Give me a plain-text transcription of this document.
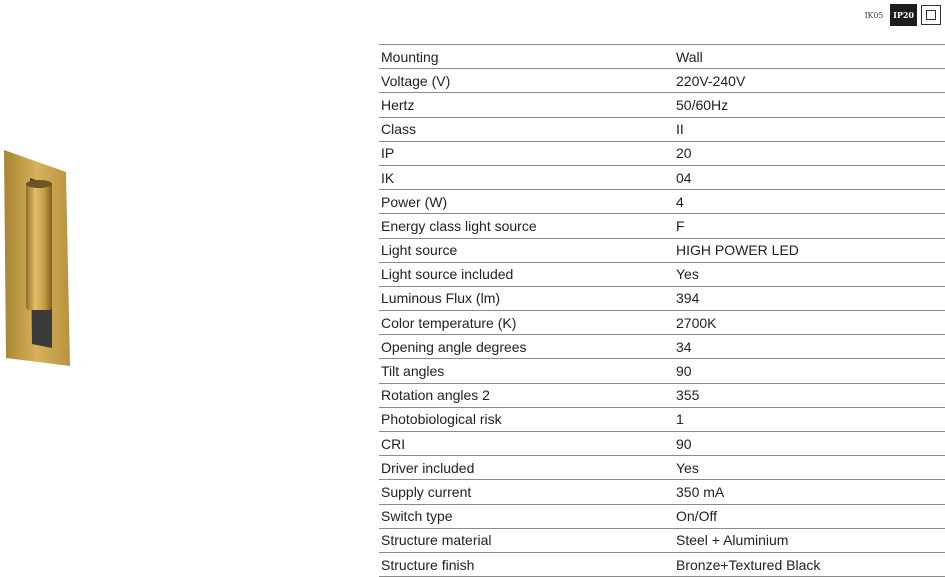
IK05	IP20
Mounting	Wall
Voltage (V)	220V-240V
Hertz	50/60Hz
Class	II
IP	20
IK	04
Power (W)	4
Energy class light source	F
Light source	HIGH POWER LED
Light source included	Yes
Luminous Flux (lm)	394
Color temperature (K)	2700K
Opening angle degrees	34
Tilt angles	90
Rotation angles 2	355
Photobiological risk	1
CRI	90
Driver included	Yes
Supply current	350 mA
Switch type	On/Off
Structure material	Steel + Aluminium
Structure finish	Bronze+Textured Black
